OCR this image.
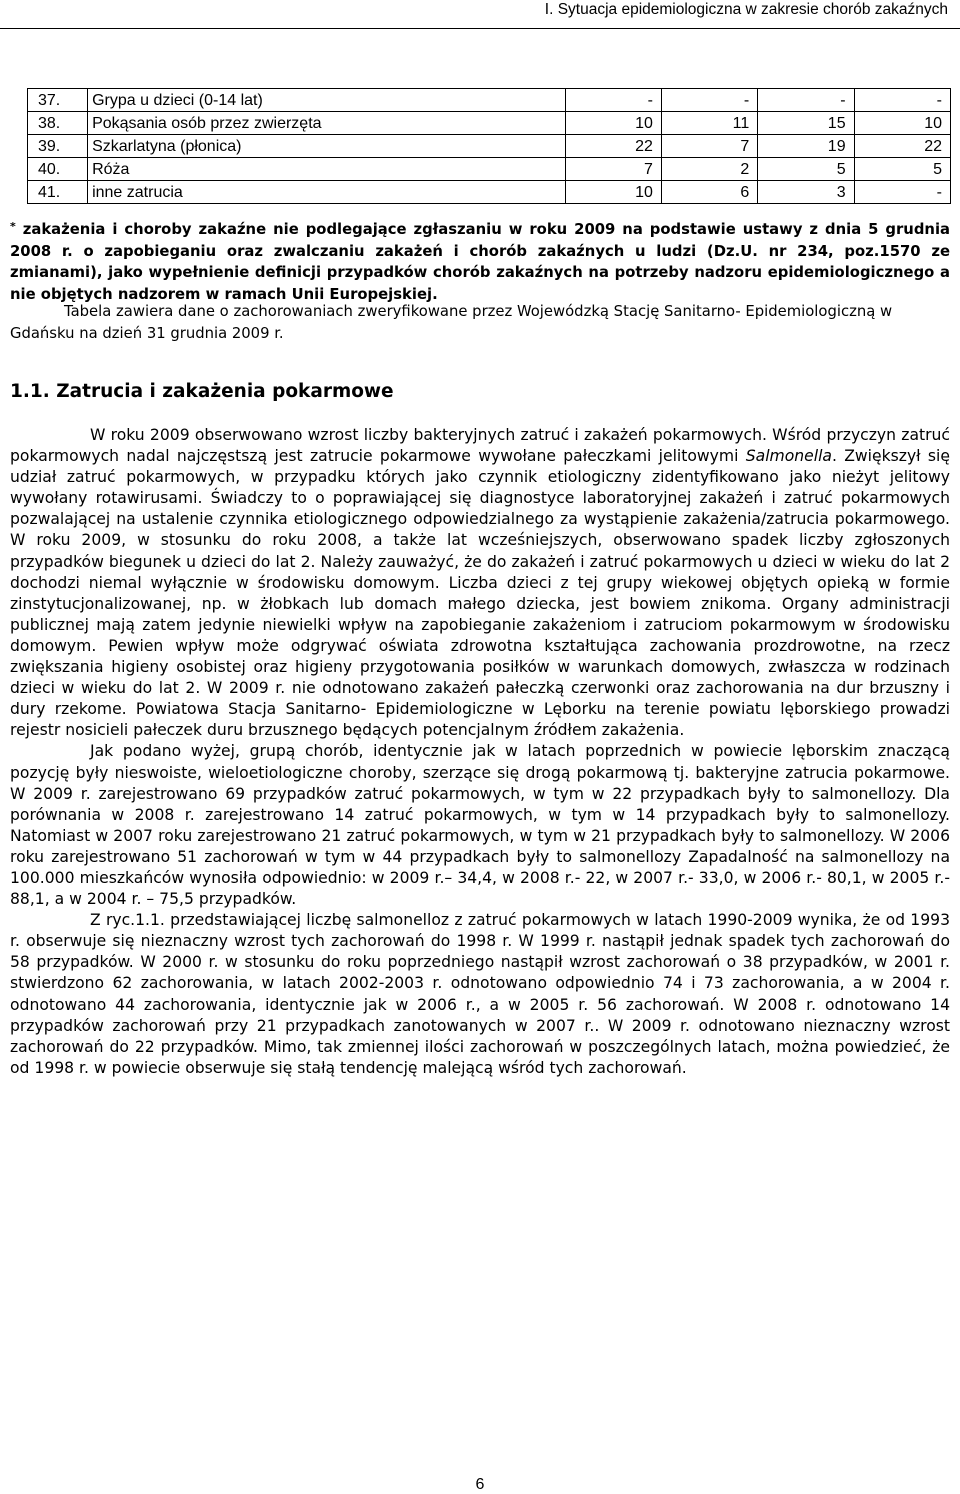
I. Sytuacja epidemiologiczna w zakresie chorób zakaźnych
37.	Grypa u dzieci (0-14 lat)	-	-	-	-
38.	Pokąsania osób przez zwierzęta	10	11	15	10
39.	Szkarlatyna (płonica)	22	7	19	22
40.	Róża	7	2	5	5
41.	inne zatrucia	10	6	3	-
* zakażenia i choroby zakaźne nie podlegające zgłaszaniu w roku 2009 na podstawie ustawy z dnia 5 grudnia 2008 r. o zapobieganiu oraz zwalczaniu zakażeń i chorób zakaźnych u ludzi (Dz.U. nr 234, poz.1570 ze zmianami), jako wypełnienie definicji przypadków chorób zakaźnych na potrzeby nadzoru epidemiologicznego a nie objętych nadzorem w ramach Unii Europejskiej.
Tabela zawiera dane o zachorowaniach zweryfikowane przez Wojewódzką Stację Sanitarno- Epidemiologiczną w Gdańsku na dzień 31 grudnia 2009 r.
1.1. Zatrucia i zakażenia pokarmowe
W roku 2009 obserwowano wzrost liczby bakteryjnych zatruć i zakażeń pokarmowych. Wśród przyczyn zatruć pokarmowych nadal najczęstszą jest zatrucie pokarmowe wywołane pałeczkami jelitowymi Salmonella. Zwiększył się udział zatruć pokarmowych, w przypadku których jako czynnik etiologiczny zidentyfikowano jako nieżyt jelitowy wywołany rotawirusami. Świadczy to o poprawiającej się diagnostyce laboratoryjnej zakażeń i zatruć pokarmowych pozwalającej na ustalenie czynnika etiologicznego odpowiedzialnego za wystąpienie zakażenia/zatrucia pokarmowego. W roku 2009, w stosunku do roku 2008, a także lat wcześniejszych, obserwowano spadek liczby zgłoszonych przypadków biegunek u dzieci do lat 2. Należy zauważyć, że do zakażeń i zatruć pokarmowych u dzieci w wieku do lat 2 dochodzi niemal wyłącznie w środowisku domowym. Liczba dzieci z tej grupy wiekowej objętych opieką w formie zinstytucjonalizowanej, np. w żłobkach lub domach małego dziecka, jest bowiem znikoma. Organy administracji publicznej mają zatem jedynie niewielki wpływ na zapobieganie zakażeniom i zatruciom pokarmowym w środowisku domowym. Pewien wpływ może odgrywać oświata zdrowotna kształtująca zachowania prozdrowotne, na rzecz zwiększania higieny osobistej oraz higieny przygotowania posiłków w warunkach domowych, zwłaszcza w rodzinach dzieci w wieku do lat 2. W 2009 r. nie odnotowano zakażeń pałeczką czerwonki oraz zachorowania na dur brzuszny i dury rzekome. Powiatowa Stacja Sanitarno- Epidemiologiczne w Lęborku na terenie powiatu lęborskiego prowadzi rejestr nosicieli pałeczek duru brzusznego będących potencjalnym źródłem zakażenia.
Jak podano wyżej, grupą chorób, identycznie jak w latach poprzednich w powiecie lęborskim znaczącą pozycję były nieswoiste, wieloetiologiczne choroby, szerzące się drogą pokarmową tj. bakteryjne zatrucia pokarmowe. W 2009 r. zarejestrowano 69 przypadków zatruć pokarmowych, w tym w 22 przypadkach były to salmonellozy. Dla porównania w 2008 r. zarejestrowano 14 zatruć pokarmowych, w tym w 14 przypadkach były to salmonellozy. Natomiast w 2007 roku zarejestrowano 21 zatruć pokarmowych, w tym w 21 przypadkach były to salmonellozy. W 2006 roku zarejestrowano 51 zachorowań w tym w 44 przypadkach były to salmonellozy Zapadalność na salmonellozy na 100.000 mieszkańców wynosiła odpowiednio: w 2009 r.– 34,4, w 2008 r.- 22, w 2007 r.- 33,0, w 2006 r.- 80,1, w 2005 r.- 88,1, a w 2004 r. – 75,5 przypadków.
Z ryc.1.1. przedstawiającej liczbę salmonelloz z zatruć pokarmowych w latach 1990-2009 wynika, że od 1993 r. obserwuje się nieznaczny wzrost tych zachorowań do 1998 r. W 1999 r. nastąpił jednak spadek tych zachorowań do 58 przypadków. W 2000 r. w stosunku do roku poprzedniego nastąpił wzrost zachorowań o 38 przypadków, w 2001 r. stwierdzono 62 zachorowania, w latach 2002-2003 r. odnotowano odpowiednio 74 i 73 zachorowania, a w 2004 r. odnotowano 44 zachorowania, identycznie jak w 2006 r., a w 2005 r. 56 zachorowań. W 2008 r. odnotowano 14 przypadków zachorowań przy 21 przypadkach zanotowanych w 2007 r.. W 2009 r. odnotowano nieznaczny wzrost zachorowań do 22 przypadków. Mimo, tak zmiennej ilości zachorowań w poszczególnych latach, można powiedzieć, że od 1998 r. w powiecie obserwuje się stałą tendencję malejącą wśród tych zachorowań.
6
